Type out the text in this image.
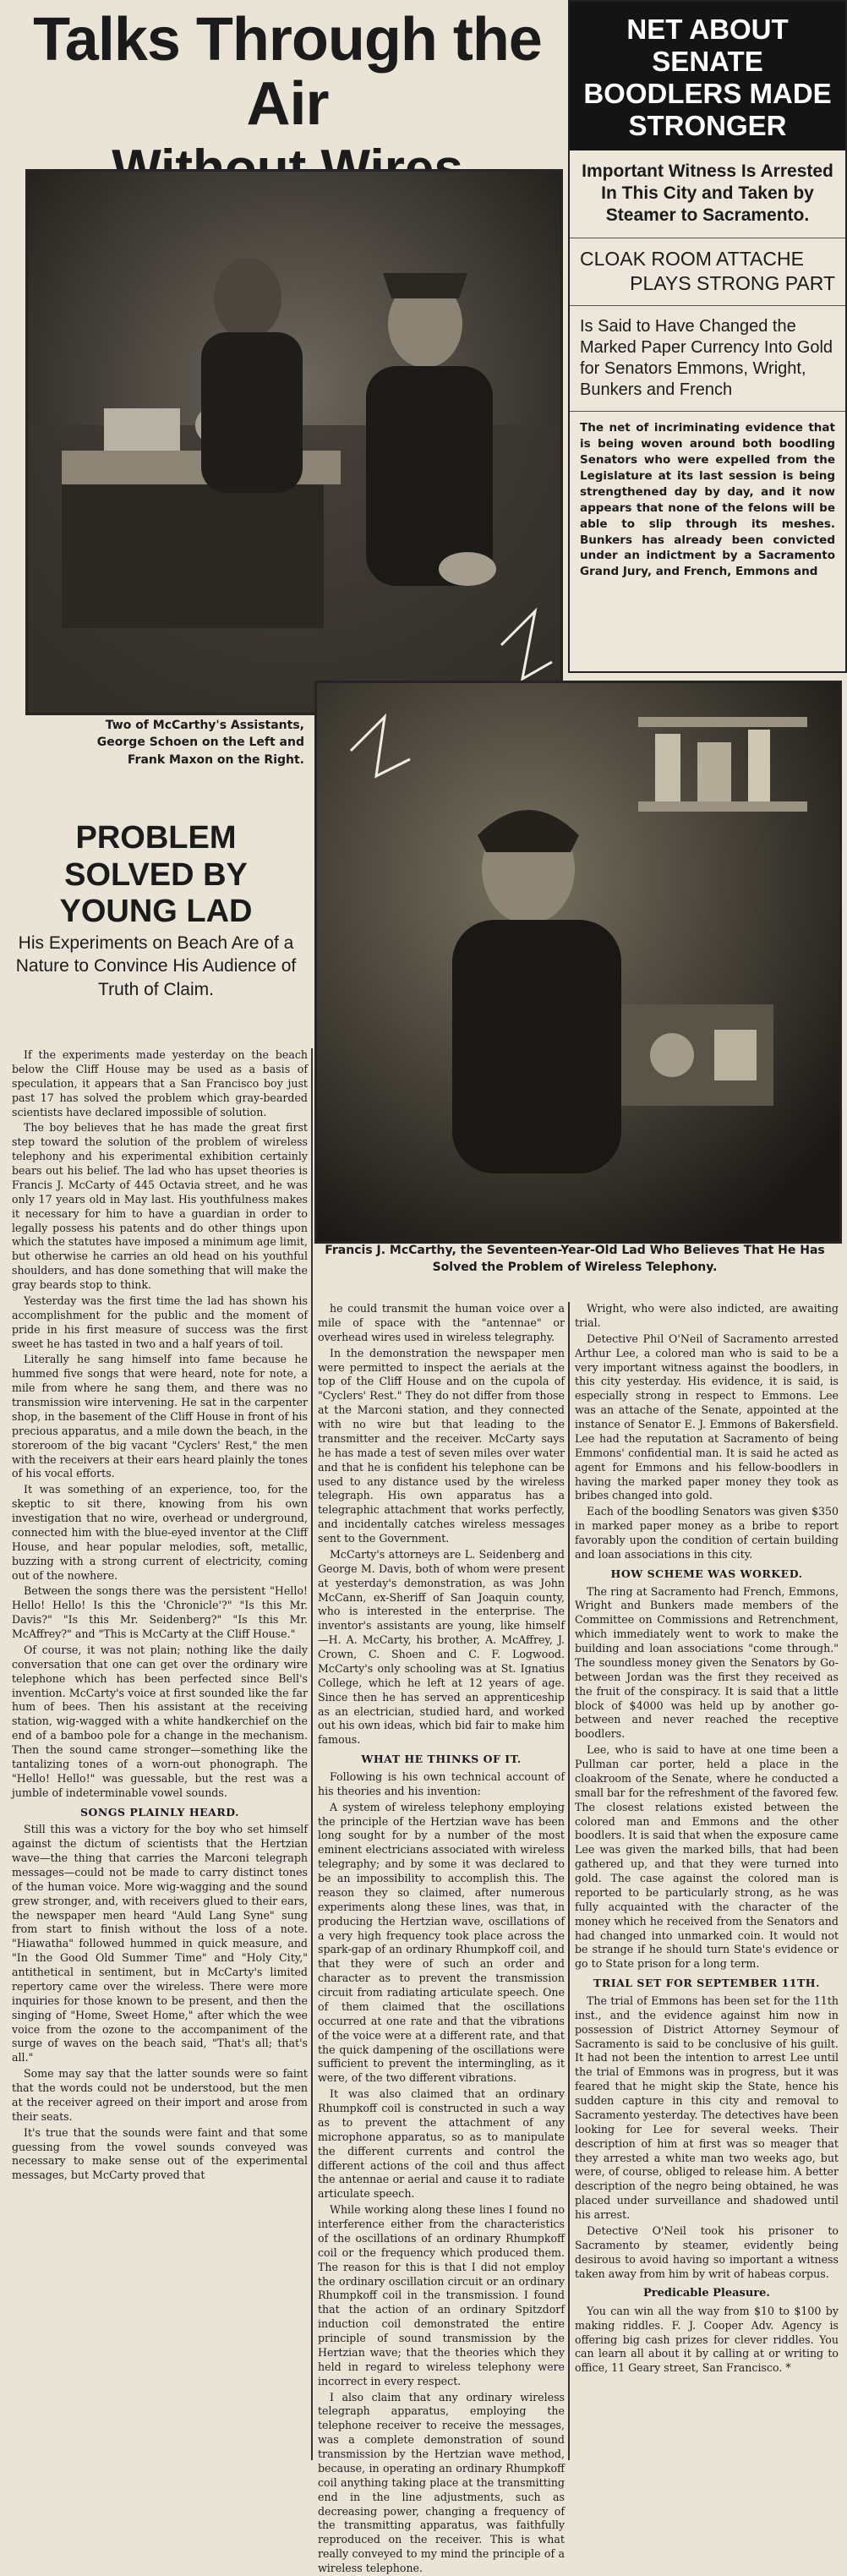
Talks Through the Air
NET ABOUT SENATE BOODLERS MADE STRONGER
Important Witness Is Arrested In This City and Taken by Steamer to Sacramento.
CLOAK ROOM ATTACHE
PLAYS STRONG PART
Is Said to Have Changed the Marked Paper Currency Into Gold for Senators Emmons, Wright, Bunkers and French
The net of incriminating evidence that is being woven around both boodling Senators who were expelled from the Legislature at its last session is being strengthened day by day, and it now appears that none of the felons will be able to slip through its meshes. Bunkers has already been convicted under an indictment by a Sacramento Grand Jury, and French, Emmons and
Two of McCarthy's Assistants, George Schoen on the Left and Frank Maxon on the Right.
Francis J. McCarthy, the Seventeen-Year-Old Lad Who Believes That He Has Solved the Problem of Wireless Telephony.
PROBLEM SOLVED BY YOUNG LAD
His Experiments on Beach Are of a Nature to Convince His Audience of Truth of Claim.

If the experiments made yesterday on the beach below the Cliff House may be used as a basis of speculation, it appears that a San Francisco boy just past 17 has solved the problem which gray-bearded scientists have declared impossible of solution.

The boy believes that he has made the great first step toward the solution of the problem of wireless telephony and his experimental exhibition certainly bears out his belief. The lad who has upset theories is Francis J. McCarty of 445 Octavia street, and he was only 17 years old in May last. His youthfulness makes it necessary for him to have a guardian in order to legally possess his patents and do other things upon which the statutes have imposed a minimum age limit, but otherwise he carries an old head on his youthful shoulders, and has done something that will make the gray beards stop to think.

Yesterday was the first time the lad has shown his accomplishment for the public and the moment of pride in his first measure of success was the first sweet he has tasted in two and a half years of toil.

Literally he sang himself into fame because he hummed five songs that were heard, note for note, a mile from where he sang them, and there was no transmission wire intervening. He sat in the carpenter shop, in the basement of the Cliff House in front of his precious apparatus, and a mile down the beach, in the storeroom of the big vacant "Cyclers' Rest," the men with the receivers at their ears heard plainly the tones of his vocal efforts.

It was something of an experience, too, for the skeptic to sit there, knowing from his own investigation that no wire, overhead or underground, connected him with the blue-eyed inventor at the Cliff House, and hear popular melodies, soft, metallic, buzzing with a strong current of electricity, coming out of the nowhere.

Between the songs there was the persistent "Hello! Hello! Hello! Is this the 'Chronicle'?" "Is this Mr. Davis?" "Is this Mr. Seidenberg?" "Is this Mr. McAffrey?" and "This is McCarty at the Cliff House."

Of course, it was not plain; nothing like the daily conversation that one can get over the ordinary wire telephone which has been perfected since Bell's invention. McCarty's voice at first sounded like the far hum of bees. Then his assistant at the receiving station, wig-wagged with a white handkerchief on the end of a bamboo pole for a change in the mechanism. Then the sound came stronger—something like the tantalizing tones of a worn-out phonograph. The "Hello! Hello!" was guessable, but the rest was a jumble of indeterminable vowel sounds.

SONGS PLAINLY HEARD.

Still this was a victory for the boy who set himself against the dictum of scientists that the Hertzian wave—the thing that carries the Marconi telegraph messages—could not be made to carry distinct tones of the human voice. More wig-wagging and the sound grew stronger, and, with receivers glued to their ears, the newspaper men heard "Auld Lang Syne" sung from start to finish without the loss of a note. "Hiawatha" followed hummed in quick measure, and "In the Good Old Summer Time" and "Holy City," antithetical in sentiment, but in McCarty's limited repertory came over the wireless. There were more inquiries for those known to be present, and then the singing of "Home, Sweet Home," after which the wee voice from the ozone to the accompaniment of the surge of waves on the beach said, "That's all; that's all."

Some may say that the latter sounds were so faint that the words could not be understood, but the men at the receiver agreed on their import and arose from their seats.

It's true that the sounds were faint and that some guessing from the vowel sounds conveyed was necessary to make sense out of the experimental messages, but McCarty proved that

he could transmit the human voice over a mile of space with the "antennae" or overhead wires used in wireless telegraphy.

In the demonstration the newspaper men were permitted to inspect the aerials at the top of the Cliff House and on the cupola of "Cyclers' Rest." They do not differ from those at the Marconi station, and they connected with no wire but that leading to the transmitter and the receiver. McCarty says he has made a test of seven miles over water and that he is confident his telephone can be used to any distance used by the wireless telegraph. His own apparatus has a telegraphic attachment that works perfectly, and incidentally catches wireless messages sent to the Government.

McCarty's attorneys are L. Seidenberg and George M. Davis, both of whom were present at yesterday's demonstration, as was John McCann, ex-Sheriff of San Joaquin county, who is interested in the enterprise. The inventor's assistants are young, like himself—H. A. McCarty, his brother, A. McAffrey, J. Crown, C. Shoen and C. F. Logwood. McCarty's only schooling was at St. Ignatius College, which he left at 12 years of age. Since then he has served an apprenticeship as an electrician, studied hard, and worked out his own ideas, which bid fair to make him famous.

WHAT HE THINKS OF IT.

Following is his own technical account of his theories and his invention:

A system of wireless telephony employing the principle of the Hertzian wave has been long sought for by a number of the most eminent electricians associated with wireless telegraphy; and by some it was declared to be an impossibility to accomplish this. The reason they so claimed, after numerous experiments along these lines, was that, in producing the Hertzian wave, oscillations of a very high frequency took place across the spark-gap of an ordinary Rhumpkoff coil, and that they were of such an order and character as to prevent the transmission circuit from radiating articulate speech. One of them claimed that the oscillations occurred at one rate and that the vibrations of the voice were at a different rate, and that the quick dampening of the oscillations were sufficient to prevent the intermingling, as it were, of the two different vibrations.

It was also claimed that an ordinary Rhumpkoff coil is constructed in such a way as to prevent the attachment of any microphone apparatus, so as to manipulate the different currents and control the different actions of the coil and thus affect the antennae or aerial and cause it to radiate articulate speech.

While working along these lines I found no interference either from the characteristics of the oscillations of an ordinary Rhumpkoff coil or the frequency which produced them. The reason for this is that I did not employ the ordinary oscillation circuit or an ordinary Rhumpkoff coil in the transmission. I found that the action of an ordinary Spitzdorf induction coil demonstrated the entire principle of sound transmission by the Hertzian wave; that the theories which they held in regard to wireless telephony were incorrect in every respect.

I also claim that any ordinary wireless telegraph apparatus, employing the telephone receiver to receive the messages, was a complete demonstration of sound transmission by the Hertzian wave method, because, in operating an ordinary Rhumpkoff coil anything taking place at the transmitting end in the line adjustments, such as decreasing power, changing a frequency of the transmitting apparatus, was faithfully reproduced on the receiver. This is what really conveyed to my mind the principle of a wireless telephone.

Wright, who were also indicted, are awaiting trial.

Detective Phil O'Neil of Sacramento arrested Arthur Lee, a colored man who is said to be a very important witness against the boodlers, in this city yesterday. His evidence, it is said, is especially strong in respect to Emmons. Lee was an attache of the Senate, appointed at the instance of Senator E. J. Emmons of Bakersfield. Lee had the reputation at Sacramento of being Emmons' confidential man. It is said he acted as agent for Emmons and his fellow-boodlers in having the marked paper money they took as bribes changed into gold.

Each of the boodling Senators was given $350 in marked paper money as a bribe to report favorably upon the condition of certain building and loan associations in this city.

HOW SCHEME WAS WORKED.

The ring at Sacramento had French, Emmons, Wright and Bunkers made members of the Committee on Commissions and Retrenchment, which immediately went to work to make the building and loan associations "come through." The soundless money given the Senators by Go-between Jordan was the first they received as the fruit of the conspiracy. It is said that a little block of $4000 was held up by another go-between and never reached the receptive boodlers.

Lee, who is said to have at one time been a Pullman car porter, held a place in the cloakroom of the Senate, where he conducted a small bar for the refreshment of the favored few. The closest relations existed between the colored man and Emmons and the other boodlers. It is said that when the exposure came Lee was given the marked bills, that had been gathered up, and that they were turned into gold. The case against the colored man is reported to be particularly strong, as he was fully acquainted with the character of the money which he received from the Senators and had changed into unmarked coin. It would not be strange if he should turn State's evidence or go to State prison for a long term.

TRIAL SET FOR SEPTEMBER 11TH.

The trial of Emmons has been set for the 11th inst., and the evidence against him now in possession of District Attorney Seymour of Sacramento is said to be conclusive of his guilt. It had not been the intention to arrest Lee until the trial of Emmons was in progress, but it was feared that he might skip the State, hence his sudden capture in this city and removal to Sacramento yesterday. The detectives have been looking for Lee for several weeks. Their description of him at first was so meager that they arrested a white man two weeks ago, but were, of course, obliged to release him. A better description of the negro being obtained, he was placed under surveillance and shadowed until his arrest.

Detective O'Neil took his prisoner to Sacramento by steamer, evidently being desirous to avoid having so important a witness taken away from him by writ of habeas corpus.

Predicable Pleasure.

You can win all the way from $10 to $100 by making riddles. F. J. Cooper Adv. Agency is offering big cash prizes for clever riddles. You can learn all about it by calling at or writing to office, 11 Geary street, San Francisco. *
